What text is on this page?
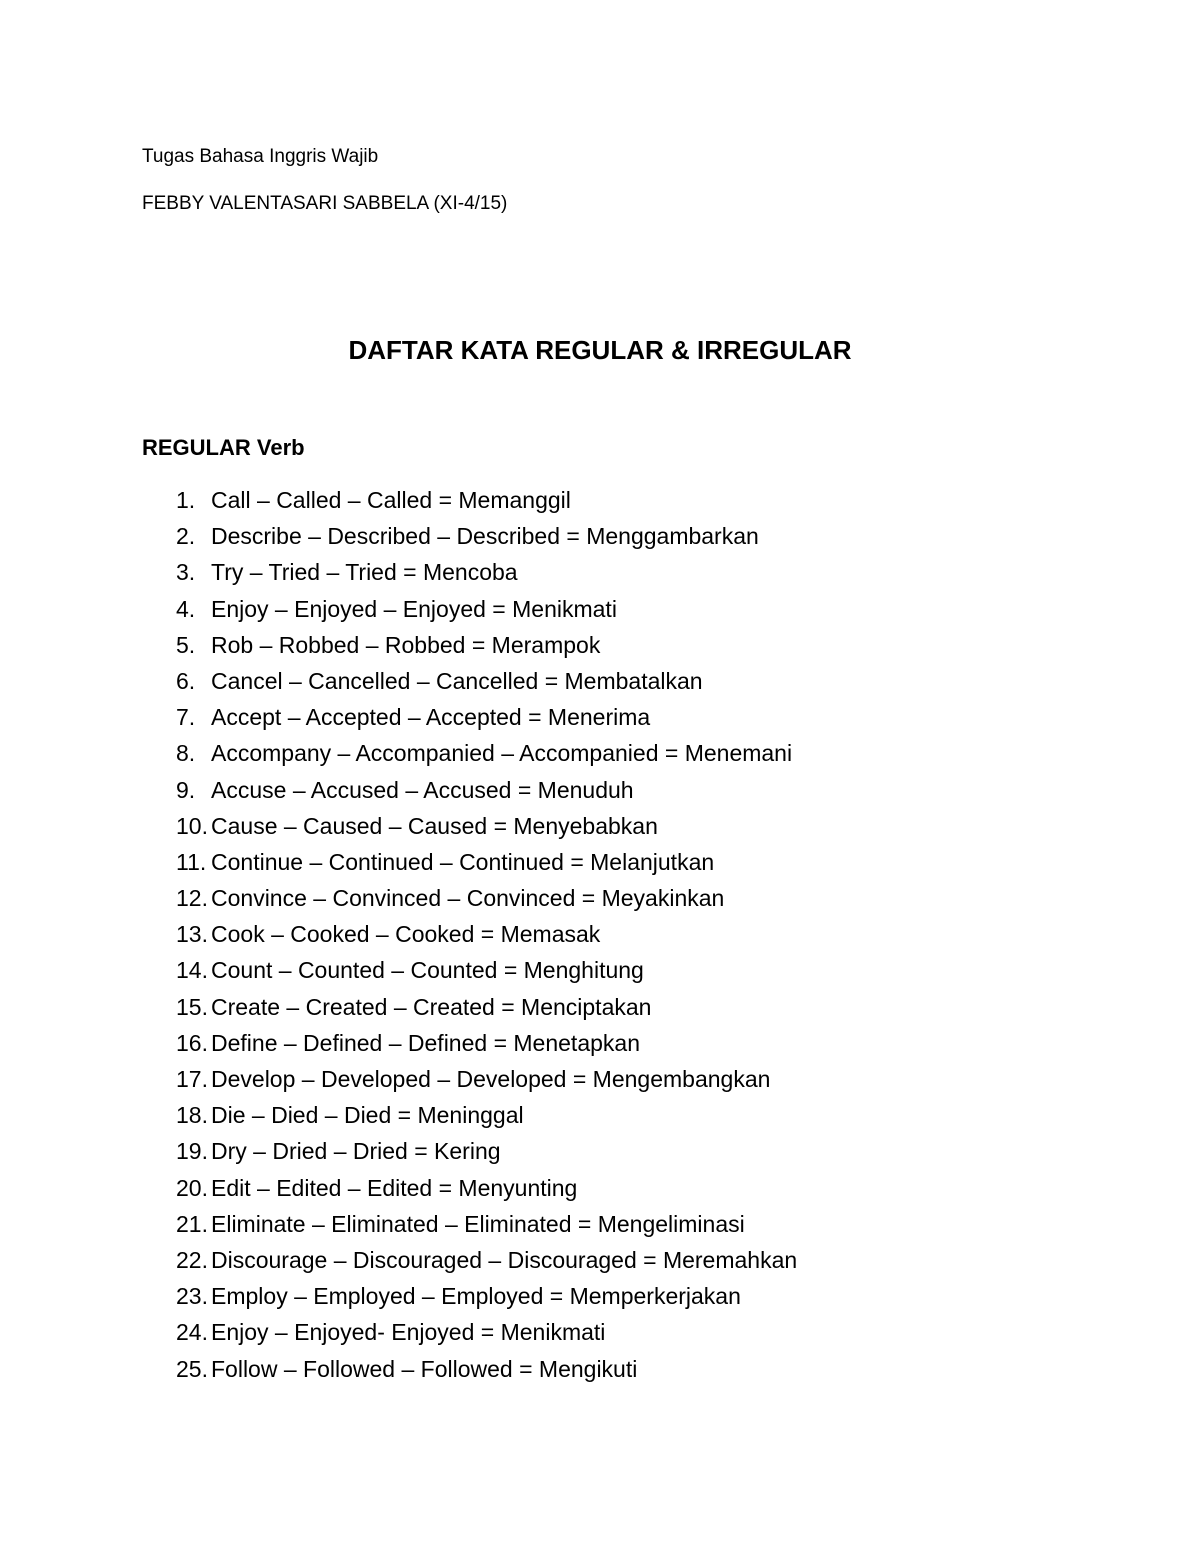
Tugas Bahasa Inggris Wajib
FEBBY VALENTASARI SABBELA (XI-4/15)
DAFTAR KATA REGULAR & IRREGULAR
REGULAR Verb
1. Call – Called – Called = Memanggil
2. Describe – Described – Described = Menggambarkan
3. Try – Tried – Tried = Mencoba
4. Enjoy – Enjoyed – Enjoyed = Menikmati
5. Rob – Robbed – Robbed = Merampok
6. Cancel – Cancelled – Cancelled = Membatalkan
7. Accept – Accepted – Accepted = Menerima
8. Accompany – Accompanied – Accompanied = Menemani
9. Accuse – Accused – Accused = Menuduh
10. Cause – Caused – Caused = Menyebabkan
11. Continue – Continued – Continued = Melanjutkan
12. Convince – Convinced – Convinced = Meyakinkan
13. Cook – Cooked – Cooked = Memasak
14. Count – Counted – Counted = Menghitung
15. Create – Created – Created = Menciptakan
16. Define – Defined – Defined = Menetapkan
17. Develop – Developed – Developed = Mengembangkan
18. Die – Died – Died = Meninggal
19. Dry – Dried – Dried = Kering
20. Edit – Edited – Edited = Menyunting
21. Eliminate – Eliminated – Eliminated = Mengeliminasi
22. Discourage – Discouraged – Discouraged = Meremahkan
23. Employ – Employed – Employed = Memperkerjakan
24. Enjoy – Enjoyed- Enjoyed = Menikmati
25. Follow – Followed – Followed = Mengikuti
